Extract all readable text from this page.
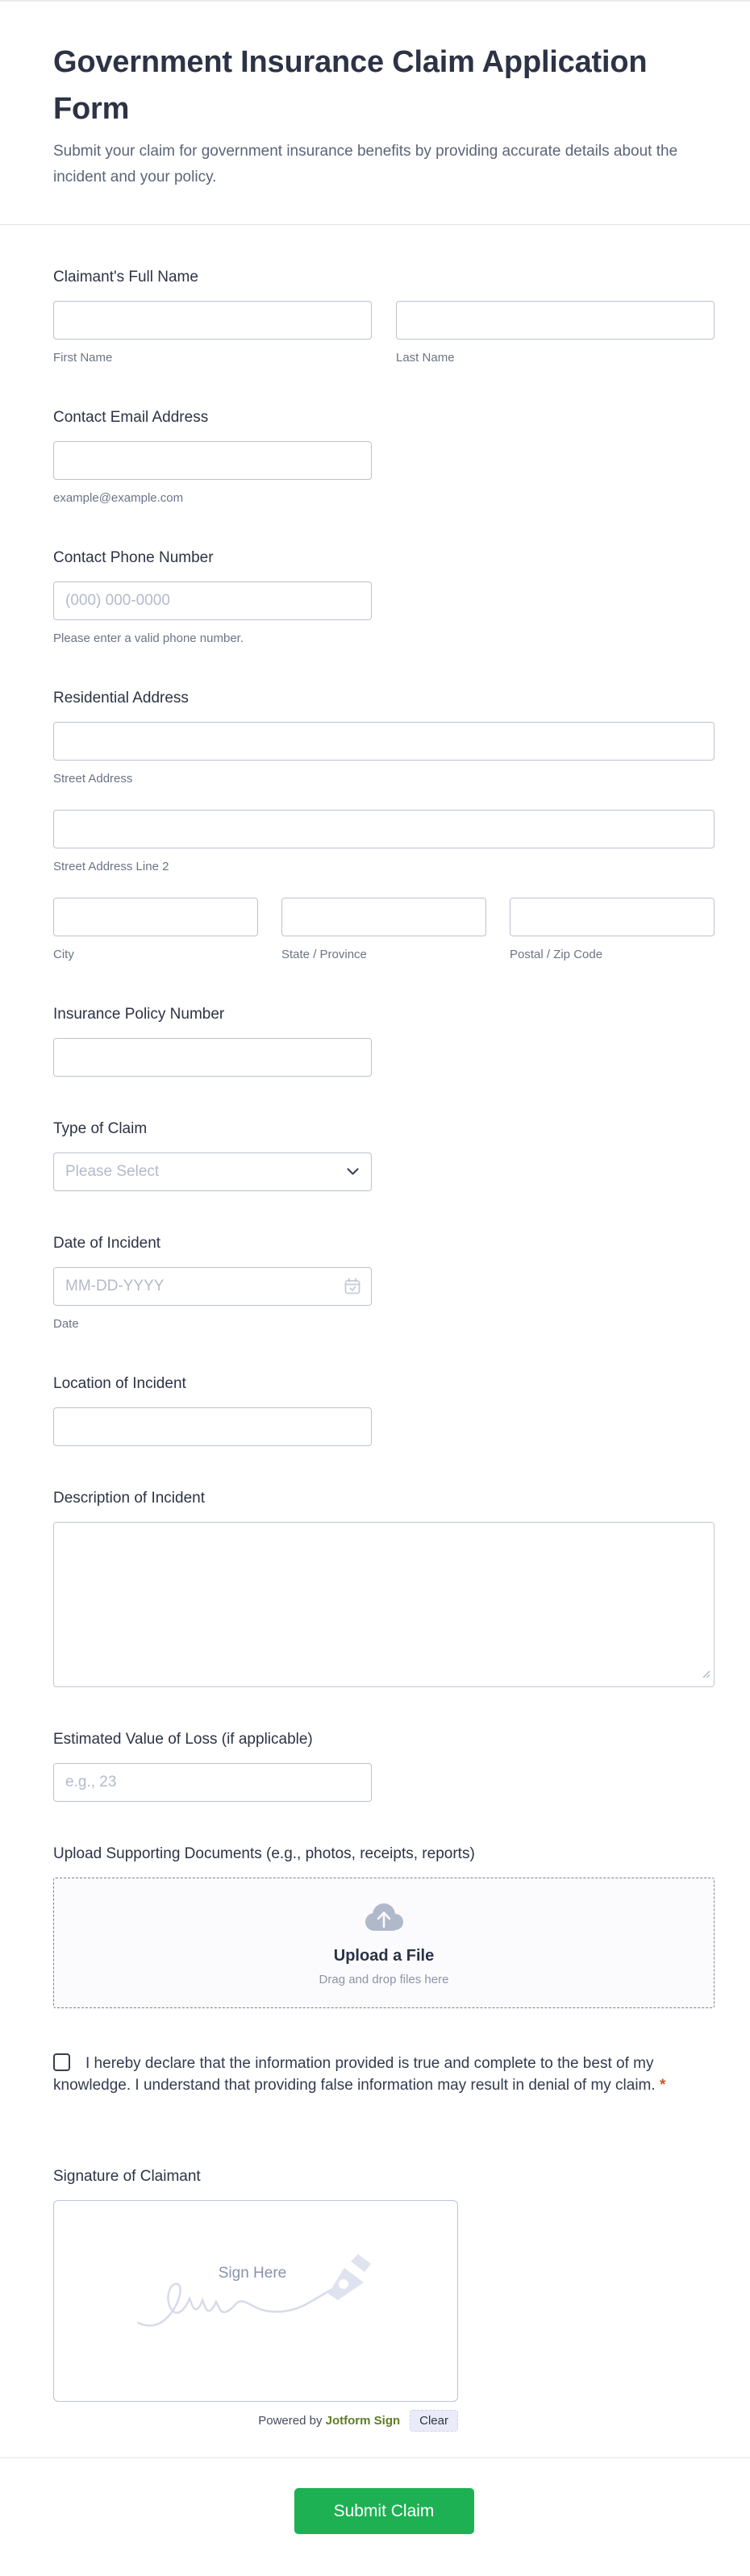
Government Insurance Claim Application Form

Submit your claim for government insurance benefits by providing accurate details about the incident and your policy.

Claimant's Full Name
First Name	Last Name
Contact Email Address
example@example.com
Contact Phone Number
(000) 000-0000
Please enter a valid phone number.
Residential Address
Street Address
Street Address Line 2
City	State / Province	Postal / Zip Code
Insurance Policy Number
Type of Claim
Please Select
Date of Incident
MM-DD-YYYY
Date
Location of Incident
Description of Incident
Estimated Value of Loss (if applicable)
e.g., 23
Upload Supporting Documents (e.g., photos, receipts, reports)
Upload a File
Drag and drop files here

I hereby declare that the information provided is true and complete to the best of my knowledge. I understand that providing false information may result in denial of my claim. *

Signature of Claimant
Sign Here
Powered by Jotform Sign	Clear
Submit Claim
